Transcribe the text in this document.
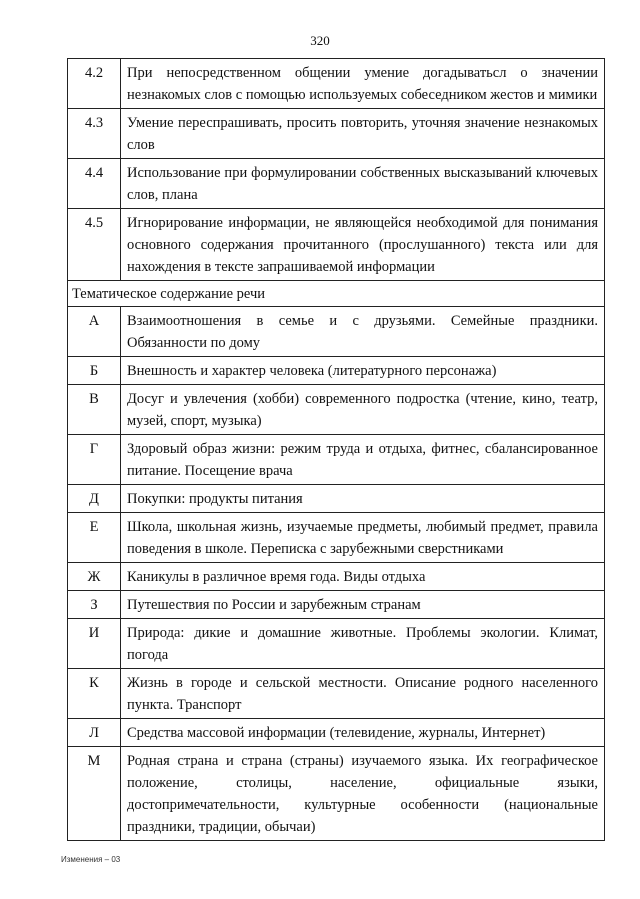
320
4.2	При непосредственном общении умение догадыватьсл о значении незнакомых слов с помощью используемых собеседником жестов и мимики
4.3	Умение переспрашивать, просить повторить, уточняя значение незнакомых слов
4.4	Использование при формулировании собственных высказываний ключевых слов, плана
4.5	Игнорирование информации, не являющейся необходимой для понимания основного содержания прочитанного (прослушанного) текста или для нахождения в тексте запрашиваемой информации
Тематическое содержание речи	
А	Взаимоотношения в семье и с друзьями. Семейные праздники. Обязанности по дому
Б	Внешность и характер человека (литературного персонажа)
В	Досуг и увлечения (хобби) современного подростка (чтение, кино, театр, музей, спорт, музыка)
Г	Здоровый образ жизни: режим труда и отдыха, фитнес, сбалансированное питание. Посещение врача
Д	Покупки: продукты питания
Е	Школа, школьная жизнь, изучаемые предметы, любимый предмет, правила поведения в школе. Переписка с зарубежными сверстниками
Ж	Каникулы в различное время года. Виды отдыха
З	Путешествия по России и зарубежным странам
И	Природа: дикие и домашние животные. Проблемы экологии. Климат, погода
К	Жизнь в городе и сельской местности. Описание родного населенного пункта. Транспорт
Л	Средства массовой информации (телевидение, журналы, Интернет)
М	Родная страна и страна (страны) изучаемого языка. Их географическое положение, столицы, население, официальные языки, достопримечательности, культурные особенности (национальные праздники, традиции, обычаи)
Изменения – 03
